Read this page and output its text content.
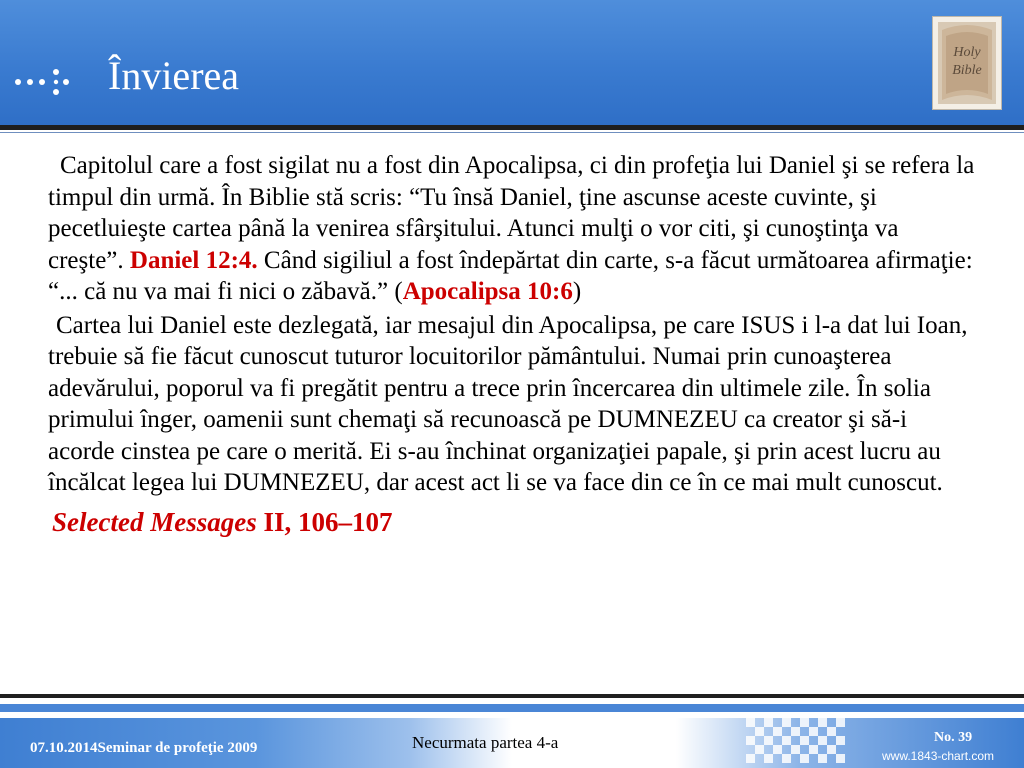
Învierea
Holy
Bible

Capitolul care a fost sigilat nu a fost din Apocalipsa, ci din profeţia lui Daniel şi se refera la timpul din urmă. În Biblie stă scris: “Tu însă Daniel, ţine ascunse aceste cuvinte, şi pecetluieşte cartea până la venirea sfârşitului. Atunci mulţi o vor citi, şi cunoştinţa va creşte”. Daniel 12:4. Când sigiliul a fost îndepărtat din carte, s-a făcut următoarea afirmaţie: “... că nu va mai fi nici o zăbavă.” (Apocalipsa 10:6)

Cartea lui Daniel este dezlegată, iar mesajul din Apocalipsa, pe care ISUS i l-a dat lui Ioan, trebuie să fie făcut cunoscut tuturor locuitorilor pământului. Numai prin cunoaşterea adevărului, poporul va fi pregătit pentru a trece prin încercarea din ultimele zile. În solia primului înger, oamenii sunt chemaţi să recunoască pe DUMNEZEU ca creator şi să-i acorde cinstea pe care o merită. Ei s-au închinat organizaţiei papale, şi prin acest lucru au încălcat legea lui DUMNEZEU, dar acest act li se va face din ce în ce mai mult cunoscut.

Selected Messages II, 106–107

07.10.2014Seminar de profeţie 2009	Necurmata partea 4-a	No. 39
www.1843-chart.com
